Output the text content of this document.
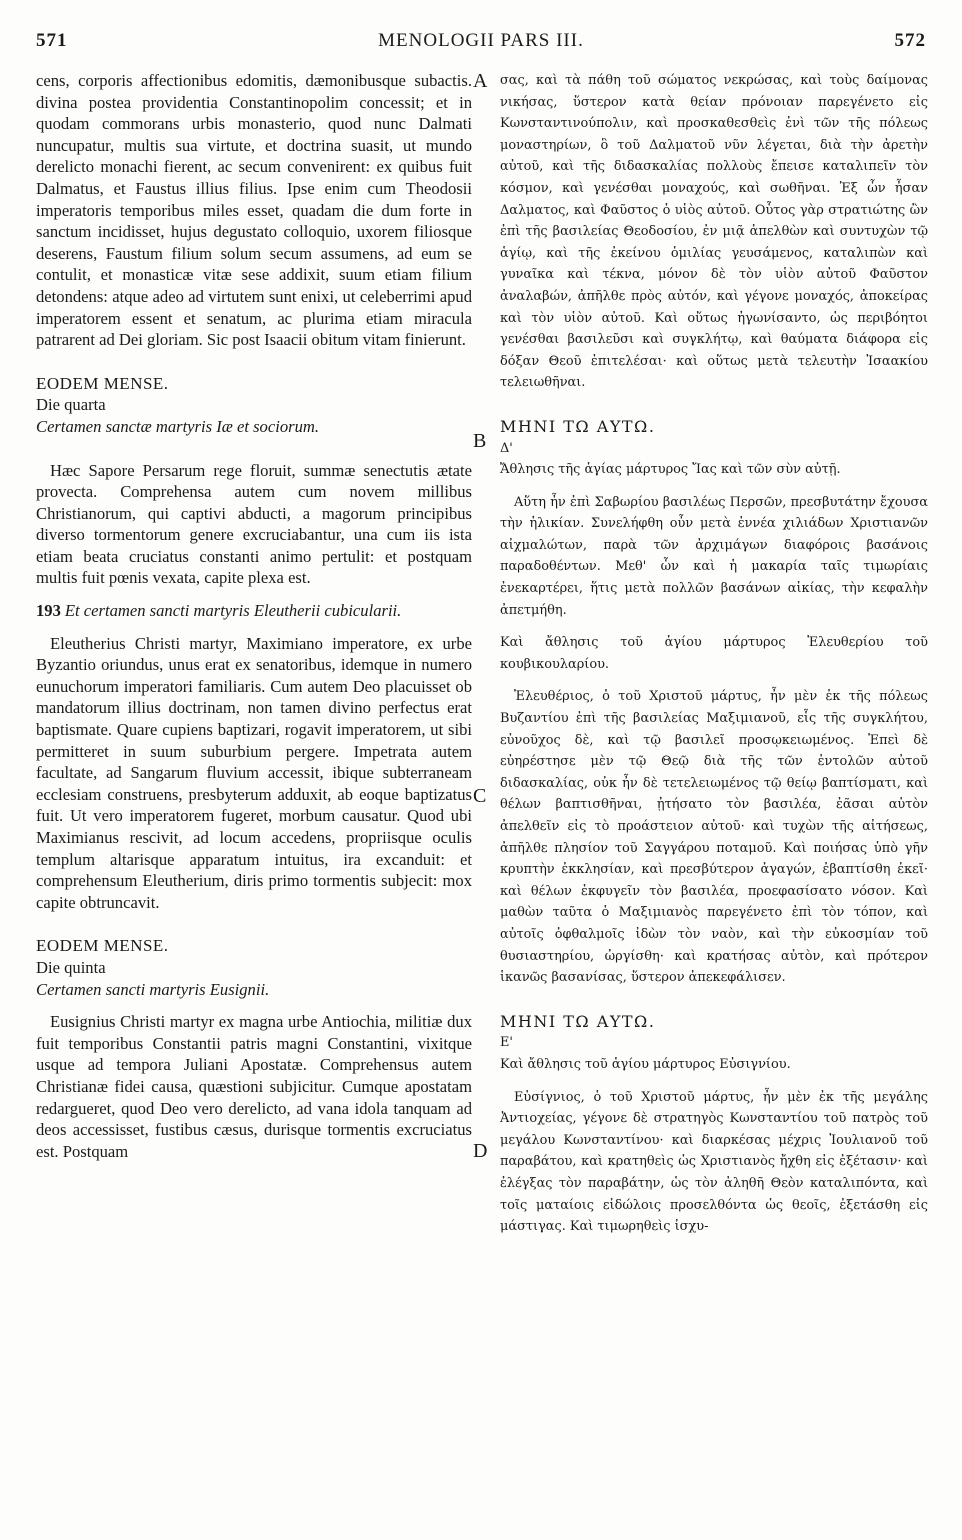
571	MENOLOGII PARS III.	572

cens, corporis affectionibus edomitis, dæmonibusque subactis. divina postea providentia Constantinopolim concessit; et in quodam commorans urbis monasterio, quod nunc Dalmati nuncupatur, multis sua virtute, et doctrina suasit, ut mundo derelicto monachi fierent, ac secum convenirent: ex quibus fuit Dalmatus, et Faustus illius filius. Ipse enim cum Theodosii imperatoris temporibus miles esset, quadam die dum forte in sanctum incidisset, hujus degustato colloquio, uxorem filiosque deserens, Faustum filium solum secum assumens, ad eum se contulit, et monasticæ vitæ sese addixit, suum etiam filium detondens: atque adeo ad virtutem sunt enixi, ut celeberrimi apud imperatorem essent et senatum, ac plurima etiam miracula patrarent ad Dei gloriam. Sic post Isaacii obitum vitam finierunt.

EODEM MENSE.

Die quarta

Certamen sanctæ martyris Iæ et sociorum.

Hæc Sapore Persarum rege floruit, summæ senectutis ætate provecta. Comprehensa autem cum novem millibus Christianorum, qui captivi abducti, a magorum principibus diverso tormentorum genere excruciabantur, una cum iis ista etiam beata cruciatus constanti animo pertulit: et postquam multis fuit pœnis vexata, capite plexa est.

193 Et certamen sancti martyris Eleutherii cubicularii.

Eleutherius Christi martyr, Maximiano imperatore, ex urbe Byzantio oriundus, unus erat ex senatoribus, idemque in numero eunuchorum imperatori familiaris. Cum autem Deo placuisset ob mandatorum illius doctrinam, non tamen divino perfectus erat baptismate. Quare cupiens baptizari, rogavit imperatorem, ut sibi permitteret in suum suburbium pergere. Impetrata autem facultate, ad Sangarum fluvium accessit, ibique subterraneam ecclesiam construens, presbyterum adduxit, ab eoque baptizatus fuit. Ut vero imperatorem fugeret, morbum causatur. Quod ubi Maximianus rescivit, ad locum accedens, propriisque oculis templum altarisque apparatum intuitus, ira excanduit: et comprehensum Eleutherium, diris primo tormentis subjecit: mox capite obtruncavit.

EODEM MENSE.

Die quinta

Certamen sancti martyris Eusignii.

Eusignius Christi martyr ex magna urbe Antiochia, militiæ dux fuit temporibus Constantii patris magni Constantini, vixitque usque ad tempora Juliani Apostatæ. Comprehensus autem Christianæ fidei causa, quæstioni subjicitur. Cumque apostatam redargueret, quod Deo vero derelicto, ad vana idola tanquam ad deos accessisset, fustibus cæsus, durisque tormentis excruciatus est. Postquam

A
B
C
D

σας, καὶ τὰ πάθη τοῦ σώματος νεκρώσας, καὶ τοὺς δαίμονας νικήσας, ὕστερον κατὰ θείαν πρόνοιαν παρεγένετο εἰς Κωνσταντινούπολιν, καὶ προσκαθεσθεὶς ἐνὶ τῶν τῆς πόλεως μοναστηρίων, ὃ τοῦ Δαλματοῦ νῦν λέγεται, διὰ τὴν ἀρετὴν αὐτοῦ, καὶ τῆς διδασκαλίας πολλοὺς ἔπεισε καταλιπεῖν τὸν κόσμον, καὶ γενέσθαι μοναχούς, καὶ σωθῆναι. Ἐξ ὧν ἦσαν Δαλματος, καὶ Φαῦστος ὁ υἱὸς αὐτοῦ. Οὗτος γὰρ στρατιώτης ὢν ἐπὶ τῆς βασιλείας Θεοδοσίου, ἐν μιᾷ ἀπελθὼν καὶ συντυχὼν τῷ ἁγίῳ, καὶ τῆς ἐκείνου ὁμιλίας γευσάμενος, καταλιπὼν καὶ γυναῖκα καὶ τέκνα, μόνον δὲ τὸν υἱὸν αὐτοῦ Φαῦστον ἀναλαβών, ἀπῆλθε πρὸς αὐτόν, καὶ γέγονε μοναχός, ἀποκείρας καὶ τὸν υἱὸν αὐτοῦ. Καὶ οὕτως ἠγωνίσαντο, ὡς περιβόητοι γενέσθαι βασιλεῦσι καὶ συγκλήτῳ, καὶ θαύματα διάφορα εἰς δόξαν Θεοῦ ἐπιτελέσαι· καὶ οὕτως μετὰ τελευτὴν Ἰσαακίου τελειωθῆναι.

ΜΗΝΙ ΤΩ ΑΥΤΩ.

Δ'

Ἄθλησις τῆς ἁγίας μάρτυρος Ἴας καὶ τῶν σὺν αὐτῇ.

Αὕτη ἦν ἐπὶ Σαβωρίου βασιλέως Περσῶν, πρεσβυτάτην ἔχουσα τὴν ἡλικίαν. Συνελήφθη οὖν μετὰ ἐννέα χιλιάδων Χριστιανῶν αἰχμαλώτων, παρὰ τῶν ἀρχιμάγων διαφόροις βασάνοις παραδοθέντων. Μεθ' ὧν καὶ ἡ μακαρία ταῖς τιμωρίαις ἐνεκαρτέρει, ἥτις μετὰ πολλῶν βασάνων αἰκίας, τὴν κεφαλὴν ἀπετμήθη.

Καὶ ἄθλησις τοῦ ἁγίου μάρτυρος Ἐλευθερίου τοῦ κουβικουλαρίου.

Ἐλευθέριος, ὁ τοῦ Χριστοῦ μάρτυς, ἦν μὲν ἐκ τῆς πόλεως Βυζαντίου ἐπὶ τῆς βασιλείας Μαξιμιανοῦ, εἷς τῆς συγκλήτου, εὐνοῦχος δὲ, καὶ τῷ βασιλεῖ προσῳκειωμένος. Ἐπεὶ δὲ εὐηρέστησε μὲν τῷ Θεῷ διὰ τῆς τῶν ἐντολῶν αὐτοῦ διδασκαλίας, οὐκ ἦν δὲ τετελειωμένος τῷ θείῳ βαπτίσματι, καὶ θέλων βαπτισθῆναι, ᾐτήσατο τὸν βασιλέα, ἐᾶσαι αὐτὸν ἀπελθεῖν εἰς τὸ προάστειον αὐτοῦ· καὶ τυχὼν τῆς αἰτήσεως, ἀπῆλθε πλησίον τοῦ Σαγγάρου ποταμοῦ. Καὶ ποιήσας ὑπὸ γῆν κρυπτὴν ἐκκλησίαν, καὶ πρεσβύτερον ἀγαγών, ἐβαπτίσθη ἐκεῖ· καὶ θέλων ἐκφυγεῖν τὸν βασιλέα, προεφασίσατο νόσον. Καὶ μαθὼν ταῦτα ὁ Μαξιμιανὸς παρεγένετο ἐπὶ τὸν τόπον, καὶ αὐτοῖς ὀφθαλμοῖς ἰδὼν τὸν ναὸν, καὶ τὴν εὐκοσμίαν τοῦ θυσιαστηρίου, ὠργίσθη· καὶ κρατήσας αὐτὸν, καὶ πρότερον ἱκανῶς βασανίσας, ὕστερον ἀπεκεφάλισεν.

ΜΗΝΙ ΤΩ ΑΥΤΩ.

Ε'

Καὶ ἄθλησις τοῦ ἁγίου μάρτυρος Εὐσιγνίου.

Εὐσίγνιος, ὁ τοῦ Χριστοῦ μάρτυς, ἦν μὲν ἐκ τῆς μεγάλης Ἀντιοχείας, γέγονε δὲ στρατηγὸς Κωνσταντίου τοῦ πατρὸς τοῦ μεγάλου Κωνσταντίνου· καὶ διαρκέσας μέχρις Ἰουλιανοῦ τοῦ παραβάτου, καὶ κρατηθεὶς ὡς Χριστιανὸς ἤχθη εἰς ἐξέτασιν· καὶ ἐλέγξας τὸν παραβάτην, ὡς τὸν ἀληθῆ Θεὸν καταλιπόντα, καὶ τοῖς ματαίοις εἰδώλοις προσελθόντα ὡς θεοῖς, ἐξετάσθη εἰς μάστιγας. Καὶ τιμωρηθεὶς ἰσχυ-
